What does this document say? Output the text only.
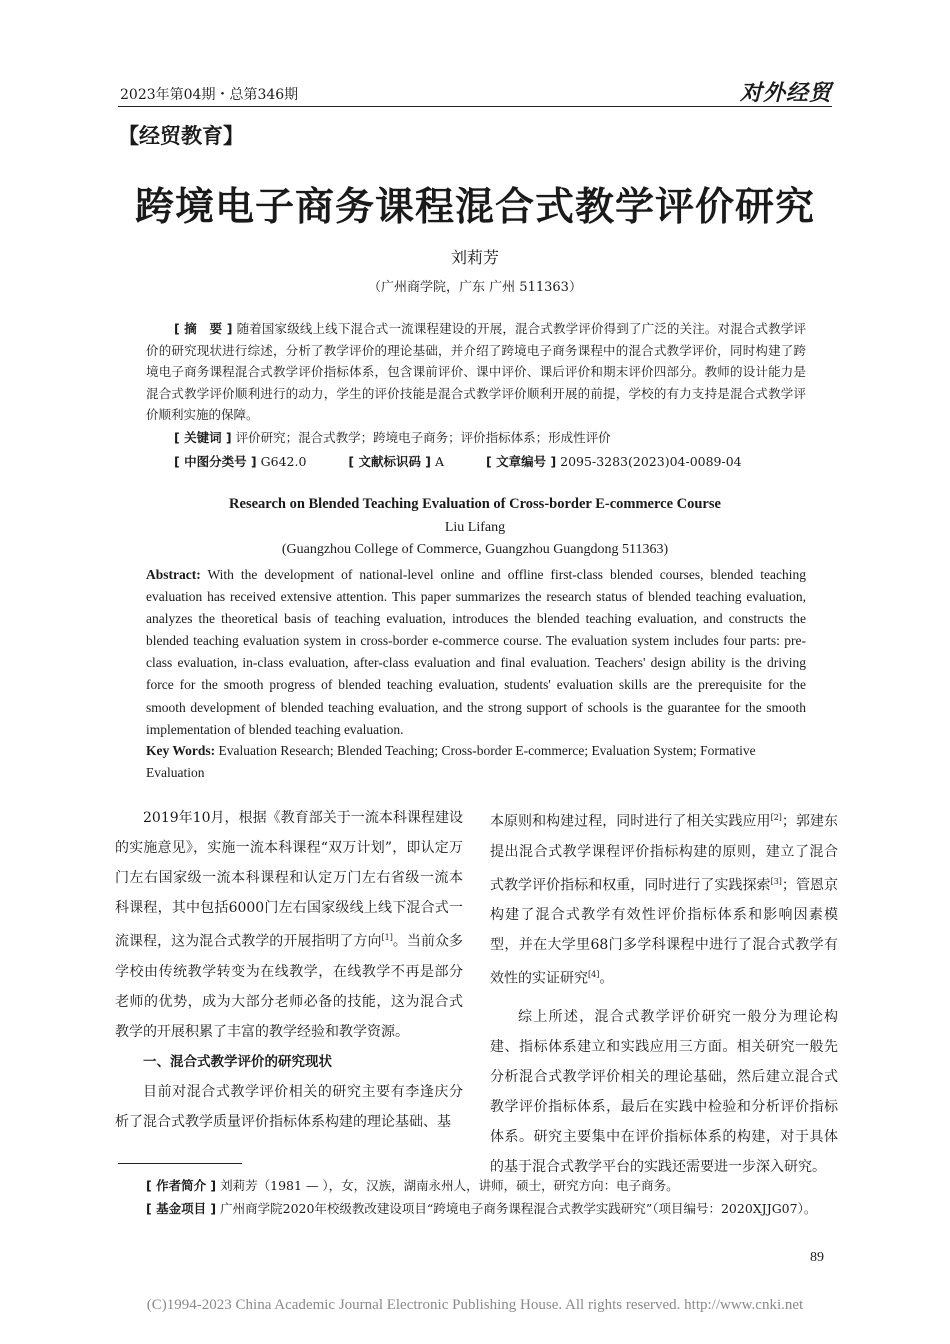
2023年第04期・总第346期	对外经贸
【经贸教育】
跨境电子商务课程混合式教学评价研究
刘莉芳
（广州商学院，广东 广州 511363）
[ 摘　要 ] 随着国家级线上线下混合式一流课程建设的开展，混合式教学评价得到了广泛的关注。对混合式教学评价的研究现状进行综述，分析了教学评价的理论基础，并介绍了跨境电子商务课程中的混合式教学评价，同时构建了跨境电子商务课程混合式教学评价指标体系，包含课前评价、课中评价、课后评价和期末评价四部分。教师的设计能力是混合式教学评价顺利进行的动力，学生的评价技能是混合式教学评价顺利开展的前提，学校的有力支持是混合式教学评价顺利实施的保障。
[ 关键词 ] 评价研究；混合式教学；跨境电子商务；评价指标体系；形成性评价
[ 中图分类号 ] G642.0	[ 文献标识码 ] A	[ 文章编号 ] 2095-3283(2023)04-0089-04
Research on Blended Teaching Evaluation of Cross-border E-commerce Course
Liu Lifang
(Guangzhou College of Commerce, Guangzhou Guangdong 511363)
Abstract: With the development of national-level online and offline first-class blended courses, blended teaching evaluation has received extensive attention. This paper summarizes the research status of blended teaching evaluation, analyzes the theoretical basis of teaching evaluation, introduces the blended teaching evaluation, and constructs the blended teaching evaluation system in cross-border e-commerce course. The evaluation system includes four parts: pre-class evaluation, in-class evaluation, after-class evaluation and final evaluation. Teachers' design ability is the driving force for the smooth progress of blended teaching evaluation, students' evaluation skills are the prerequisite for the smooth development of blended teaching evaluation, and the strong support of schools is the guarantee for the smooth implementation of blended teaching evaluation.
Key Words: Evaluation Research; Blended Teaching; Cross-border E-commerce; Evaluation System; Formative Evaluation

2019年10月，根据《教育部关于一流本科课程建设的实施意见》，实施一流本科课程“双万计划”，即认定万门左右国家级一流本科课程和认定万门左右省级一流本科课程，其中包括6000门左右国家级线上线下混合式一流课程，这为混合式教学的开展指明了方向[1]。当前众多学校由传统教学转变为在线教学，在线教学不再是部分老师的优势，成为大部分老师必备的技能，这为混合式教学的开展积累了丰富的教学经验和教学资源。

一、混合式教学评价的研究现状

目前对混合式教学评价相关的研究主要有李逢庆分析了混合式教学质量评价指标体系构建的理论基础、基

本原则和构建过程，同时进行了相关实践应用[2]；郭建东提出混合式教学课程评价指标构建的原则，建立了混合式教学评价指标和权重，同时进行了实践探索[3]；管恩京构建了混合式教学有效性评价指标体系和影响因素模型，并在大学里68门多学科课程中进行了混合式教学有效性的实证研究[4]。

综上所述，混合式教学评价研究一般分为理论构建、指标体系建立和实践应用三方面。相关研究一般先分析混合式教学评价相关的理论基础，然后建立混合式教学评价指标体系，最后在实践中检验和分析评价指标体系。研究主要集中在评价指标体系的构建，对于具体的基于混合式教学平台的实践还需要进一步深入研究。

[ 作者简介 ] 刘莉芳（1981 — ），女，汉族，湖南永州人，讲师，硕士，研究方向：电子商务。
[ 基金项目 ] 广州商学院2020年校级教改建设项目“跨境电子商务课程混合式教学实践研究”（项目编号：2020XJJG07）。
89
(C)1994-2023 China Academic Journal Electronic Publishing House. All rights reserved. http://www.cnki.net
